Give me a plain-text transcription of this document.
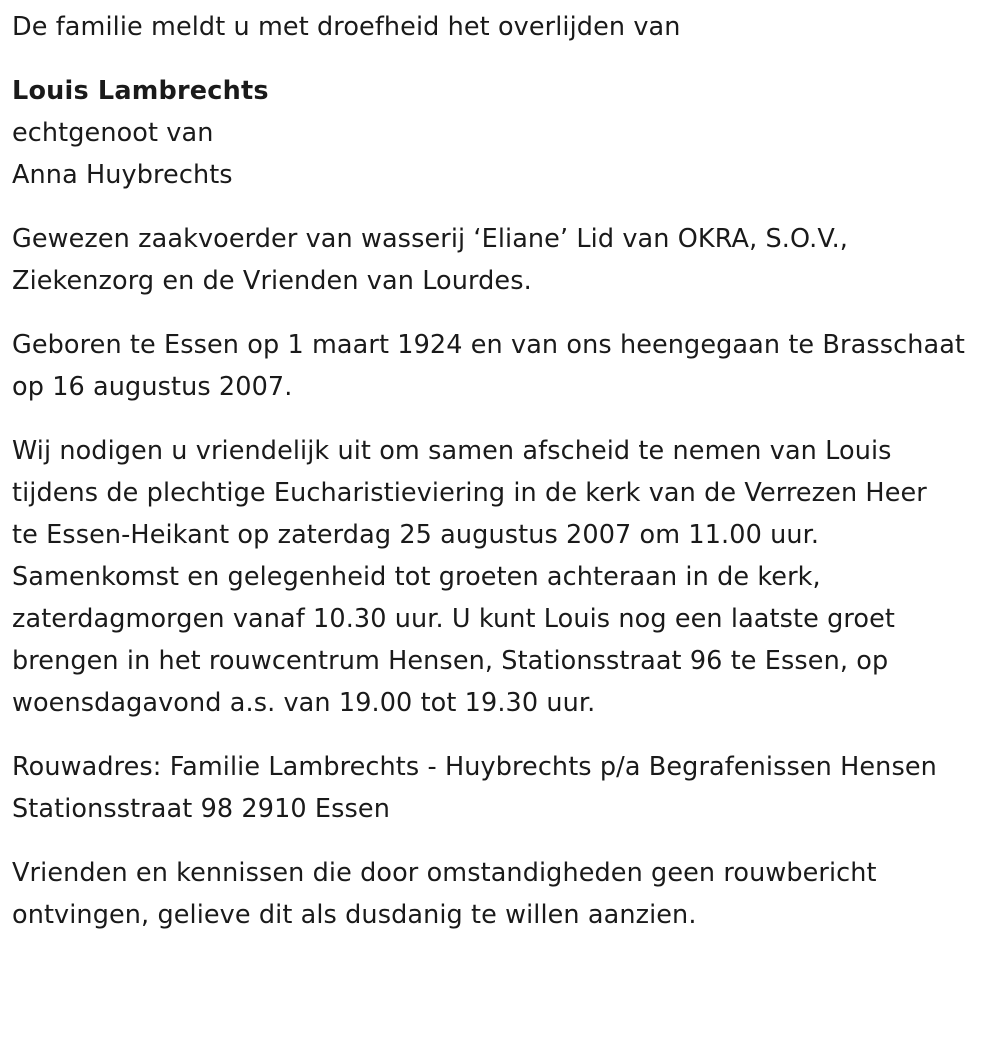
De familie meldt u met droefheid het overlijden van

Louis Lambrechts

echtgenoot van
Anna Huybrechts

Gewezen zaakvoerder van wasserij ‘Eliane’ Lid van OKRA, S.O.V.,
Ziekenzorg en de Vrienden van Lourdes.

Geboren te Essen op 1 maart 1924 en van ons heengegaan te Brasschaat
op 16 augustus 2007.

Wij nodigen u vriendelijk uit om samen afscheid te nemen van Louis
tijdens de plechtige Eucharistieviering in de kerk van de Verrezen Heer
te Essen-Heikant op zaterdag 25 augustus 2007 om 11.00 uur.
Samenkomst en gelegenheid tot groeten achteraan in de kerk,
zaterdagmorgen vanaf 10.30 uur. U kunt Louis nog een laatste groet
brengen in het rouwcentrum Hensen, Stationsstraat 96 te Essen, op
woensdagavond a.s. van 19.00 tot 19.30 uur.

Rouwadres: Familie Lambrechts - Huybrechts p/a Begrafenissen Hensen
Stationsstraat 98 2910 Essen

Vrienden en kennissen die door omstandigheden geen rouwbericht
ontvingen, gelieve dit als dusdanig te willen aanzien.
